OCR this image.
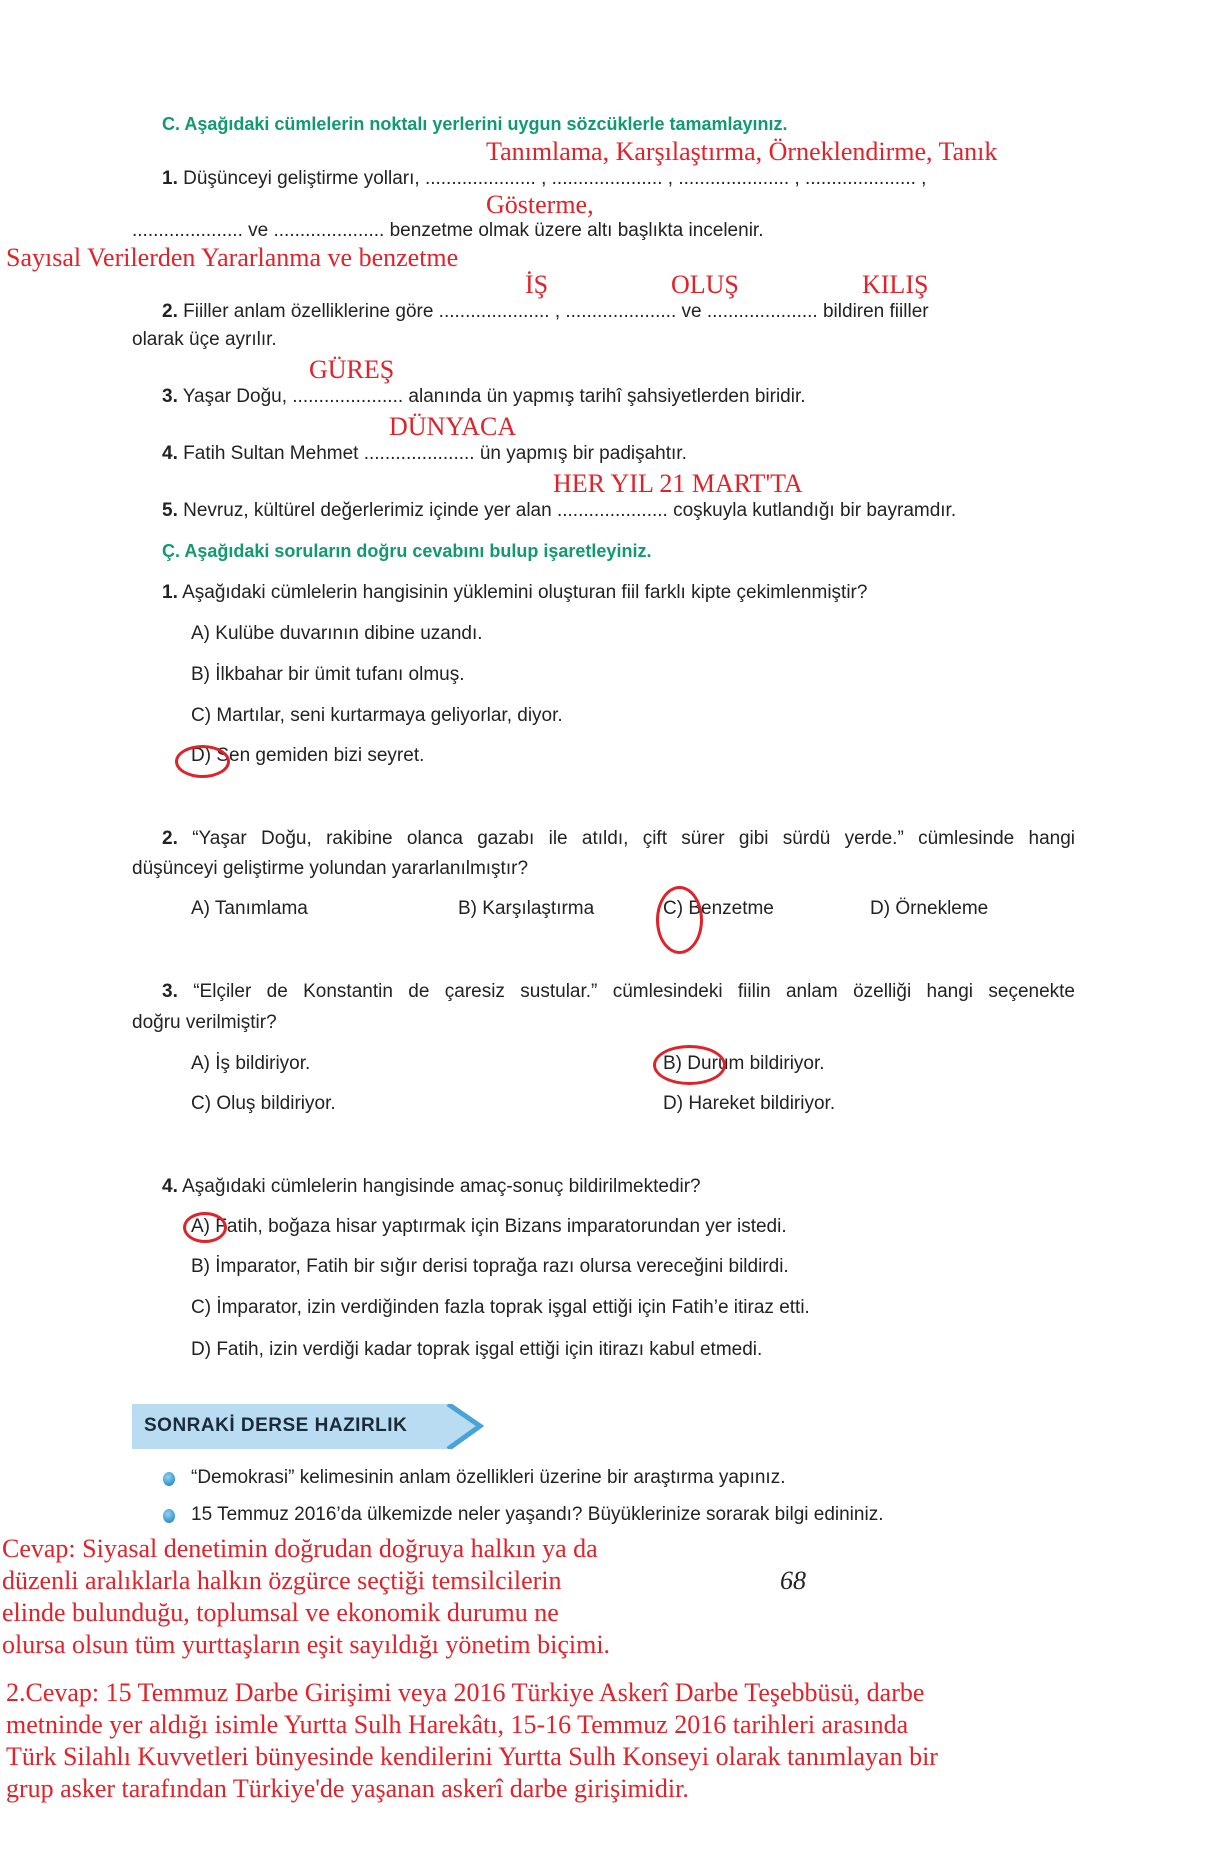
C. Aşağıdaki cümlelerin noktalı yerlerini uygun sözcüklerle tamamlayınız.
Tanımlama, Karşılaştırma, Örneklendirme, Tanık
1. Düşünceyi geliştirme yolları, ..................... , ..................... , ..................... , ..................... ,
Gösterme,
..................... ve ..................... benzetme olmak üzere altı başlıkta incelenir.
Sayısal Verilerden Yararlanma ve benzetme
İŞ	OLUŞ	KILIŞ
2. Fiiller anlam özelliklerine göre ..................... , ..................... ve ..................... bildiren fiiller
olarak üçe ayrılır.
GÜREŞ
3. Yaşar Doğu, ..................... alanında ün yapmış tarihî şahsiyetlerden biridir.
DÜNYACA
4. Fatih Sultan Mehmet ..................... ün yapmış bir padişahtır.
HER YIL 21 MART'TA
5. Nevruz, kültürel değerlerimiz içinde yer alan ..................... coşkuyla kutlandığı bir bayramdır.
Ç. Aşağıdaki soruların doğru cevabını bulup işaretleyiniz.
1. Aşağıdaki cümlelerin hangisinin yüklemini oluşturan fiil farklı kipte çekimlenmiştir?
A) Kulübe duvarının dibine uzandı.
B) İlkbahar bir ümit tufanı olmuş.
C) Martılar, seni kurtarmaya geliyorlar, diyor.
D) Sen gemiden bizi seyret.
2. “Yaşar Doğu, rakibine olanca gazabı ile atıldı, çift sürer gibi sürdü yerde.” cümlesinde hangi
düşünceyi geliştirme yolundan yararlanılmıştır?
A) Tanımlama	B) Karşılaştırma	C) Benzetme	D) Örnekleme
3. “Elçiler de Konstantin de çaresiz sustular.” cümlesindeki fiilin anlam özelliği hangi seçenekte
doğru verilmiştir?
A) İş bildiriyor.	B) Durum bildiriyor.
C) Oluş bildiriyor.	D) Hareket bildiriyor.
4. Aşağıdaki cümlelerin hangisinde amaç-sonuç bildirilmektedir?
A) Fatih, boğaza hisar yaptırmak için Bizans imparatorundan yer istedi.
B) İmparator, Fatih bir sığır derisi toprağa razı olursa vereceğini bildirdi.
C) İmparator, izin verdiğinden fazla toprak işgal ettiği için Fatih’e itiraz etti.
D) Fatih, izin verdiği kadar toprak işgal ettiği için itirazı kabul etmedi.
SONRAKİ DERSE HAZIRLIK
“Demokrasi” kelimesinin anlam özellikleri üzerine bir araştırma yapınız.
15 Temmuz 2016’da ülkemizde neler yaşandı? Büyüklerinize sorarak bilgi edininiz.
Cevap: Siyasal denetimin doğrudan doğruya halkın ya da
düzenli aralıklarla halkın özgürce seçtiği temsilcilerin
elinde bulunduğu, toplumsal ve ekonomik durumu ne
olursa olsun tüm yurttaşların eşit sayıldığı yönetim biçimi.
68
2.Cevap: 15 Temmuz Darbe Girişimi veya 2016 Türkiye Askerî Darbe Teşebbüsü, darbe
metninde yer aldığı isimle Yurtta Sulh Harekâtı, 15-16 Temmuz 2016 tarihleri arasında
Türk Silahlı Kuvvetleri bünyesinde kendilerini Yurtta Sulh Konseyi olarak tanımlayan bir
grup asker tarafından Türkiye'de yaşanan askerî darbe girişimidir.
